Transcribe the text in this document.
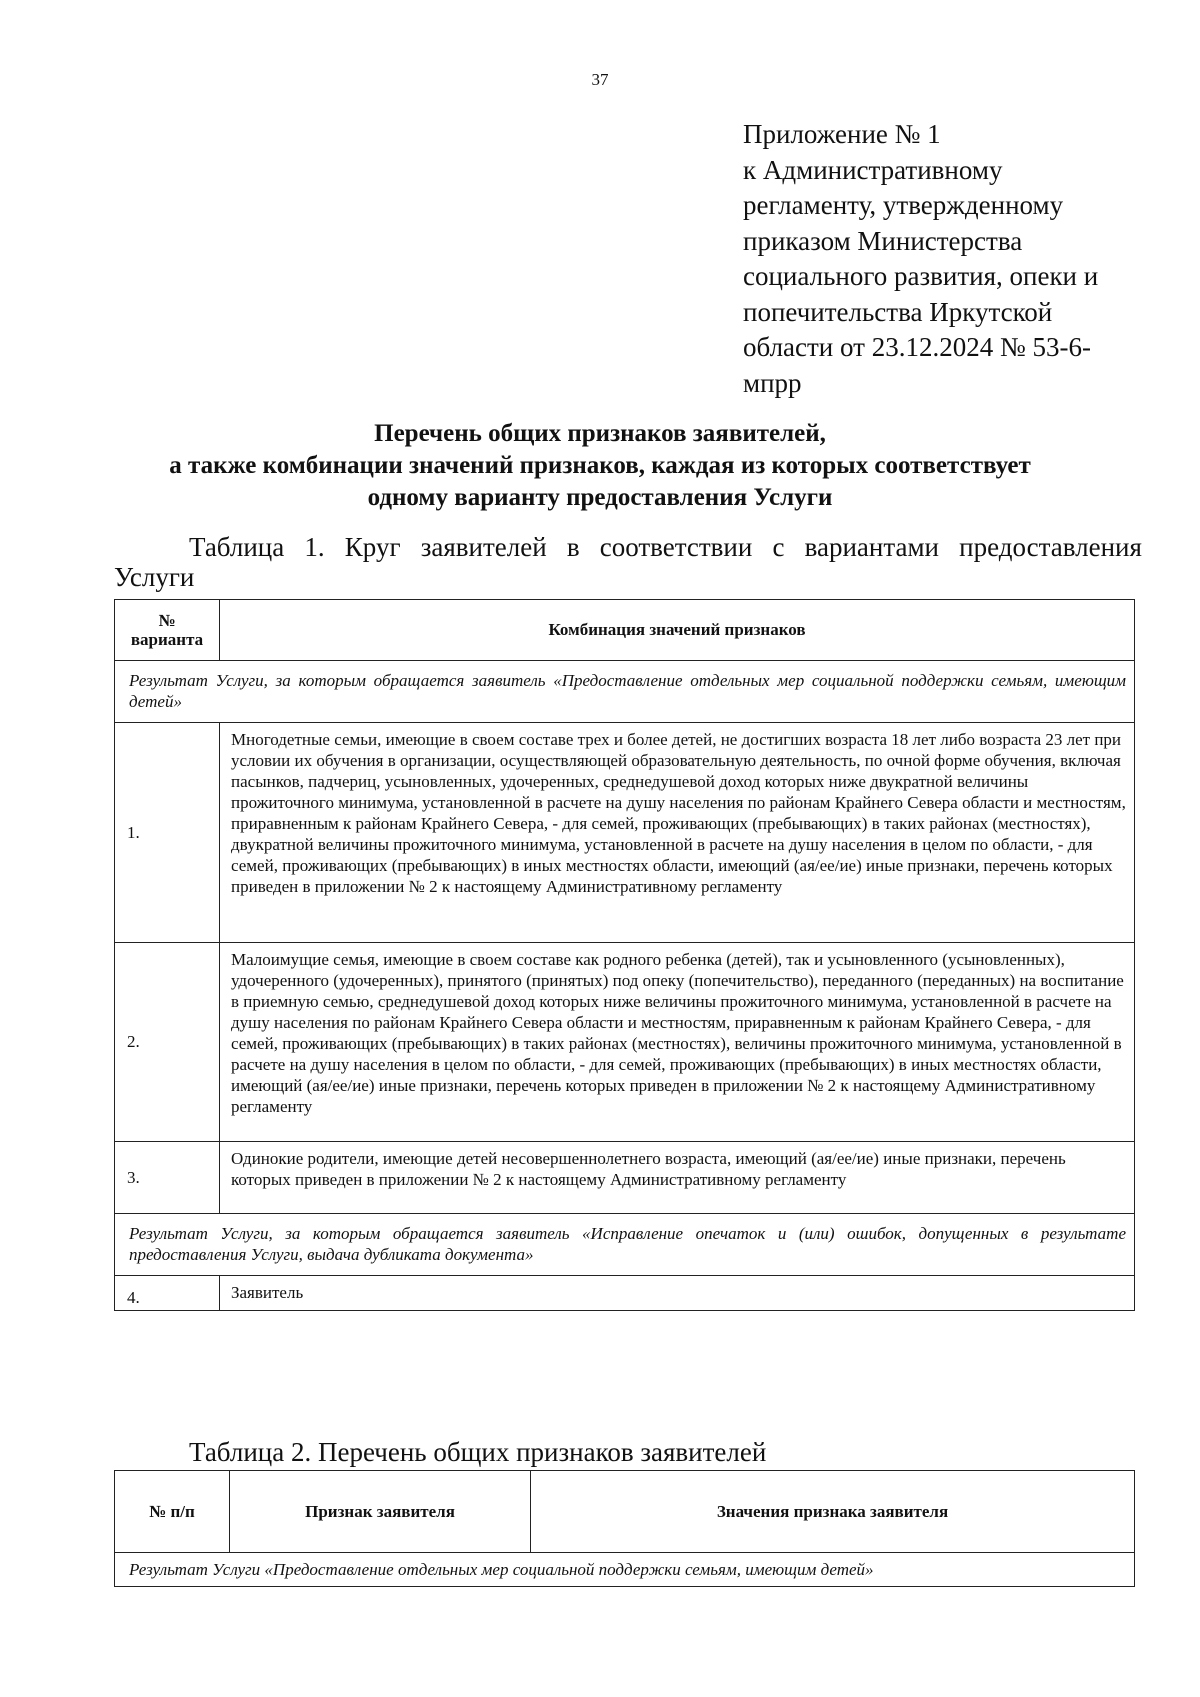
37
Приложение № 1
к Административному
регламенту, утвержденному
приказом Министерства
социального развития, опеки и
попечительства Иркутской
области от 23.12.2024 № 53-6-
мпрр
Перечень общих признаков заявителей,
а также комбинации значений признаков, каждая из которых соответствует
одному варианту предоставления Услуги
Таблица 1. Круг заявителей в соответствии с вариантами предоставления
Услуги
№
варианта	Комбинация значений признаков
Результат Услуги, за которым обращается заявитель «Предоставление отдельных мер социальной поддержки семьям, имеющим детей»	
1.	Многодетные семьи, имеющие в своем составе трех и более детей, не достигших возраста 18 лет либо возраста 23 лет при условии их обучения в организации, осуществляющей образовательную деятельность, по очной форме обучения, включая пасынков, падчериц, усыновленных, удочеренных, среднедушевой доход которых ниже двукратной величины прожиточного минимума, установленной в расчете на душу населения по районам Крайнего Севера области и местностям, приравненным к районам Крайнего Севера, - для семей, проживающих (пребывающих) в таких районах (местностях), двукратной величины прожиточного минимума, установленной в расчете на душу населения в целом по области, - для семей, проживающих (пребывающих) в иных местностях области, имеющий (ая/ее/ие) иные признаки, перечень которых приведен в приложении № 2 к настоящему Административному регламенту
2.	Малоимущие семья, имеющие в своем составе как родного ребенка (детей), так и усыновленного (усыновленных), удочеренного (удочеренных), принятого (принятых) под опеку (попечительство), переданного (переданных) на воспитание в приемную семью, среднедушевой доход которых ниже величины прожиточного минимума, установленной в расчете на душу населения по районам Крайнего Севера области и местностям, приравненным к районам Крайнего Севера, - для семей, проживающих (пребывающих) в таких районах (местностях), величины прожиточного минимума, установленной в расчете на душу населения в целом по области, - для семей, проживающих (пребывающих) в иных местностях области, имеющий (ая/ее/ие) иные признаки, перечень которых приведен в приложении № 2 к настоящему Административному регламенту
3.	Одинокие родители, имеющие детей несовершеннолетнего возраста, имеющий (ая/ее/ие) иные признаки, перечень которых приведен в приложении № 2 к настоящему Административному регламенту
Результат Услуги, за которым обращается заявитель «Исправление опечаток и (или) ошибок, допущенных в результате предоставления Услуги, выдача дубликата документа»	
4.	Заявитель
Таблица 2. Перечень общих признаков заявителей
№ п/п	Признак заявителя	Значения признака заявителя
Результат Услуги «Предоставление отдельных мер социальной поддержки семьям, имеющим детей»
